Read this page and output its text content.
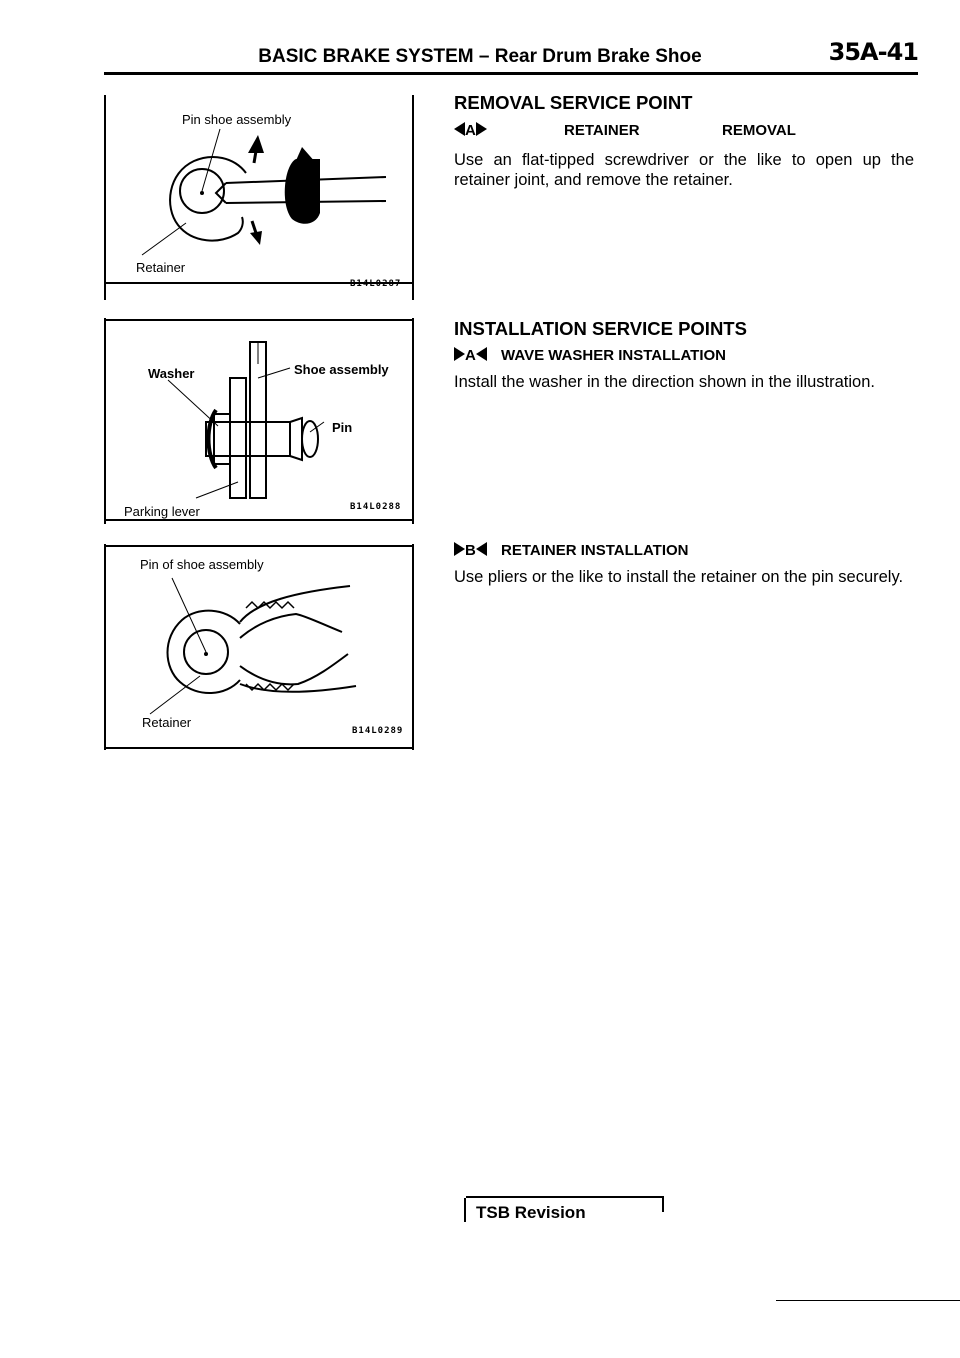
BASIC BRAKE SYSTEM – Rear Drum Brake Shoe	35A-41
Pin shoe assembly
Retainer
B14L0287
Washer	Shoe assembly
Pin
Parking lever	B14L0288
Pin of shoe assembly
Retainer
B14L0289
REMOVAL SERVICE POINT
A	RETAINER	REMOVAL
Use an flat-tipped screwdriver or the like to open up the retainer joint, and remove the retainer.
INSTALLATION SERVICE POINTS
A WAVE WASHER INSTALLATION
Install the washer in the direction shown in the illustration.
B RETAINER INSTALLATION
Use pliers or the like to install the retainer on the pin securely.
TSB Revision
